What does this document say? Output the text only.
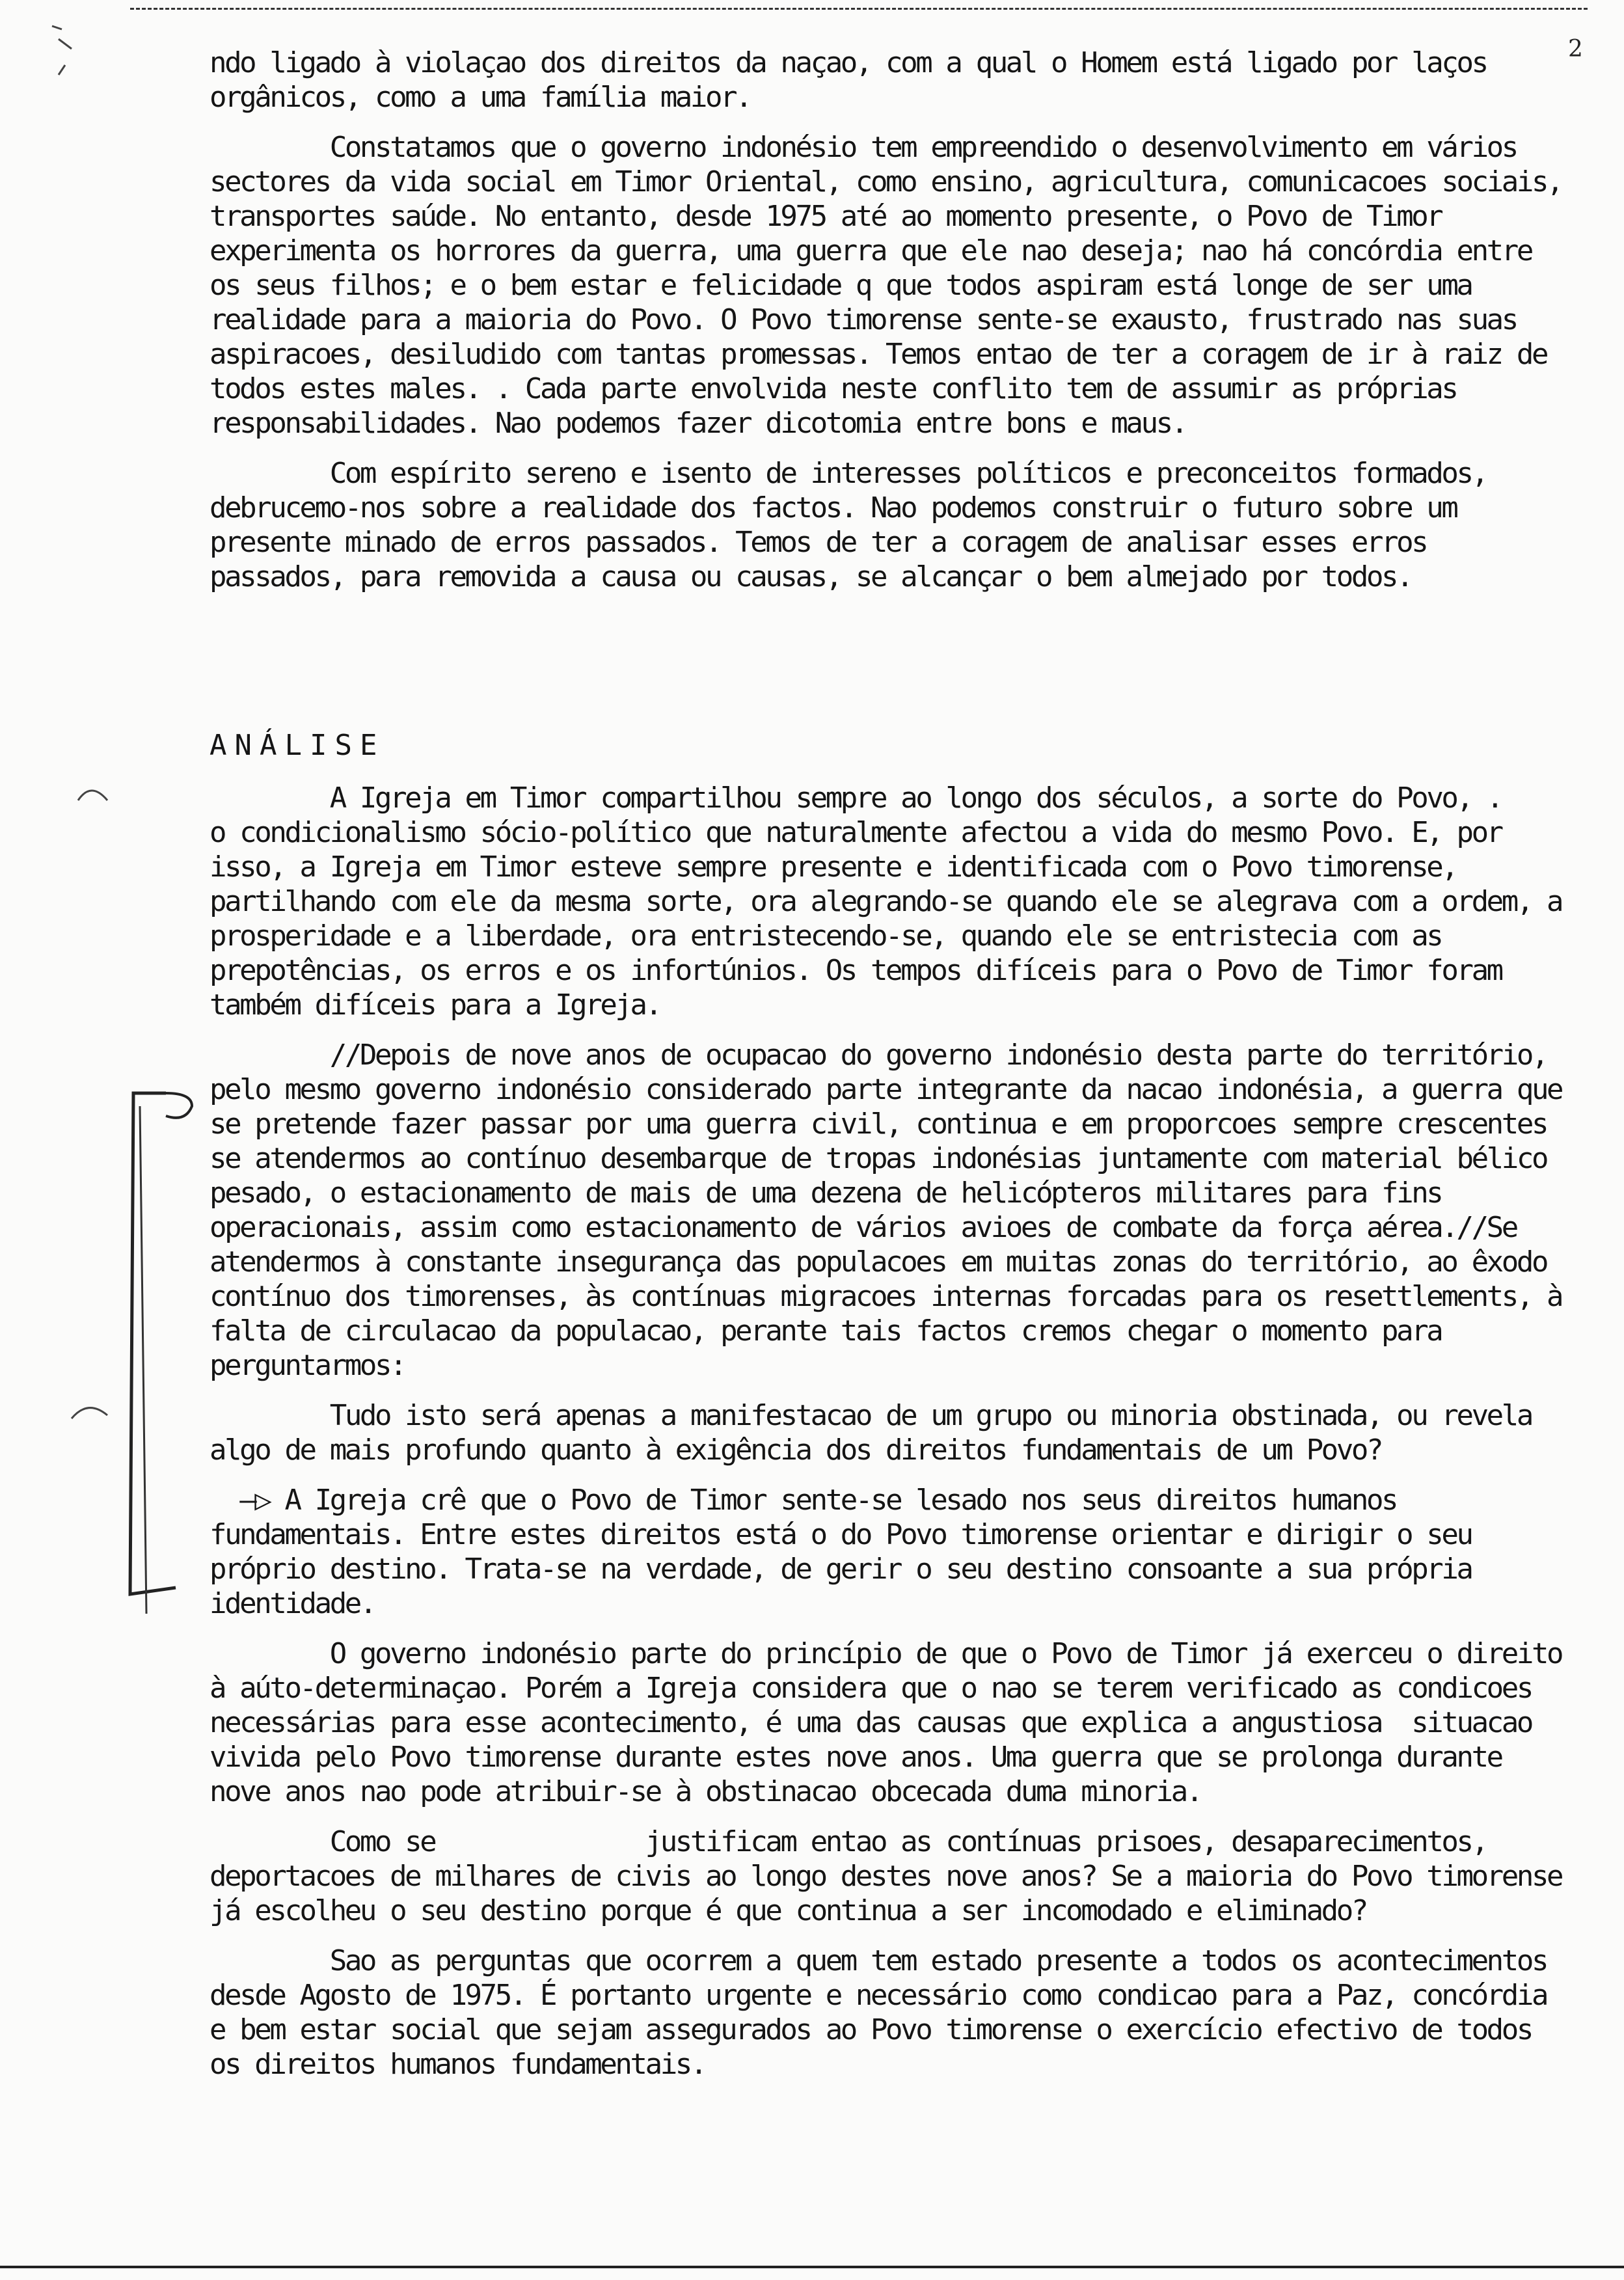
2

ndo ligado à violaçao dos direitos da naçao, com a qual o Homem está ligado por laços orgânicos, como a uma família maior.

Constatamos que o governo indonésio tem empreendido o desenvolvimento em vários sectores da vida social em Timor Oriental, como ensino, agricultura, comunicacoes sociais, transportes saúde. No entanto, desde 1975 até ao momento presente, o Povo de Timor experimenta os horrores da guerra, uma guerra que ele nao deseja; nao há concórdia entre os seus filhos; e o bem estar e felicidade q que todos aspiram está longe de ser uma realidade para a maioria do Povo. O Povo timorense sente-se exausto, frustrado nas suas aspiracoes, desiludido com tantas promessas. Temos entao de ter a coragem de ir à raiz de todos estes males. . Cada parte envolvida neste conflito tem de assumir as próprias responsabilidades. Nao podemos fazer dicotomia entre bons e maus.

Com espírito sereno e isento de interesses políticos e preconceitos formados, debrucemo-nos sobre a realidade dos factos. Nao podemos construir o futuro sobre um presente minado de erros passados. Temos de ter a coragem de analisar esses erros passados, para removida a causa ou causas, se alcançar o bem almejado por todos.

ANÁLISE

A Igreja em Timor compartilhou sempre ao longo dos séculos, a sorte do Povo, .        o condicionalismo sócio-político que naturalmente afectou a vida do mesmo Povo. E, por isso, a Igreja em Timor esteve sempre presente e identificada com o Povo timorense, partilhando com ele da mesma sorte, ora alegrando-se quando ele se alegrava com a ordem, a prosperidade e a liberdade, ora entristecendo-se, quando ele se entristecia com as prepotências, os erros e os infortúnios. Os tempos difíceis para o Povo de Timor foram também difíceis para a Igreja.

//Depois de nove anos de ocupacao do governo indonésio desta parte do território, pelo mesmo governo indonésio considerado parte integrante da nacao indonésia, a guerra que se pretende fazer passar por uma guerra civil, continua e em proporcoes sempre crescentes se atendermos ao contínuo desembarque de tropas indonésias juntamente com material bélico pesado, o estacionamento de mais de uma dezena de helicópteros militares para fins operacionais, assim como estacionamento de vários avioes de combate da força aérea.//Se atendermos à constante insegurança das populacoes em muitas zonas do território, ao êxodo contínuo dos timorenses, às contínuas migracoes internas forcadas para os resettlements, à falta de circulacao da populacao, perante tais factos cremos chegar o momento para perguntarmos:

Tudo isto será apenas a manifestacao de um grupo ou minoria obstinada, ou revela algo de mais profundo quanto à exigência dos direitos fundamentais de um Povo?

—▷ A Igreja crê que o Povo de Timor sente-se lesado nos seus direitos humanos fundamentais. Entre estes direitos está o do Povo timorense orientar e dirigir o seu próprio destino. Trata-se na verdade, de gerir o seu destino consoante a sua própria identidade.

O governo indonésio parte do princípio de que o Povo de Timor já exerceu o direito à aúto-determinaçao. Porém a Igreja considera que o nao se terem verificado as condicoes necessárias para esse acontecimento, é uma das causas que explica a angustiosa  situacao vivida pelo Povo timorense durante estes nove anos. Uma guerra que se prolonga durante nove anos nao pode atribuir-se à obstinacao obcecada duma minoria.

Como se              justificam entao as contínuas prisoes, desaparecimentos, deportacoes de milhares de civis ao longo destes nove anos? Se a maioria do Povo timorense já escolheu o seu destino porque é que continua a ser incomodado e eliminado?

Sao as perguntas que ocorrem a quem tem estado presente a todos os acontecimentos desde Agosto de 1975. É portanto urgente e necessário como condicao para a Paz, concórdia e bem estar social que sejam assegurados ao Povo timorense o exercício efectivo de todos os direitos humanos fundamentais.
